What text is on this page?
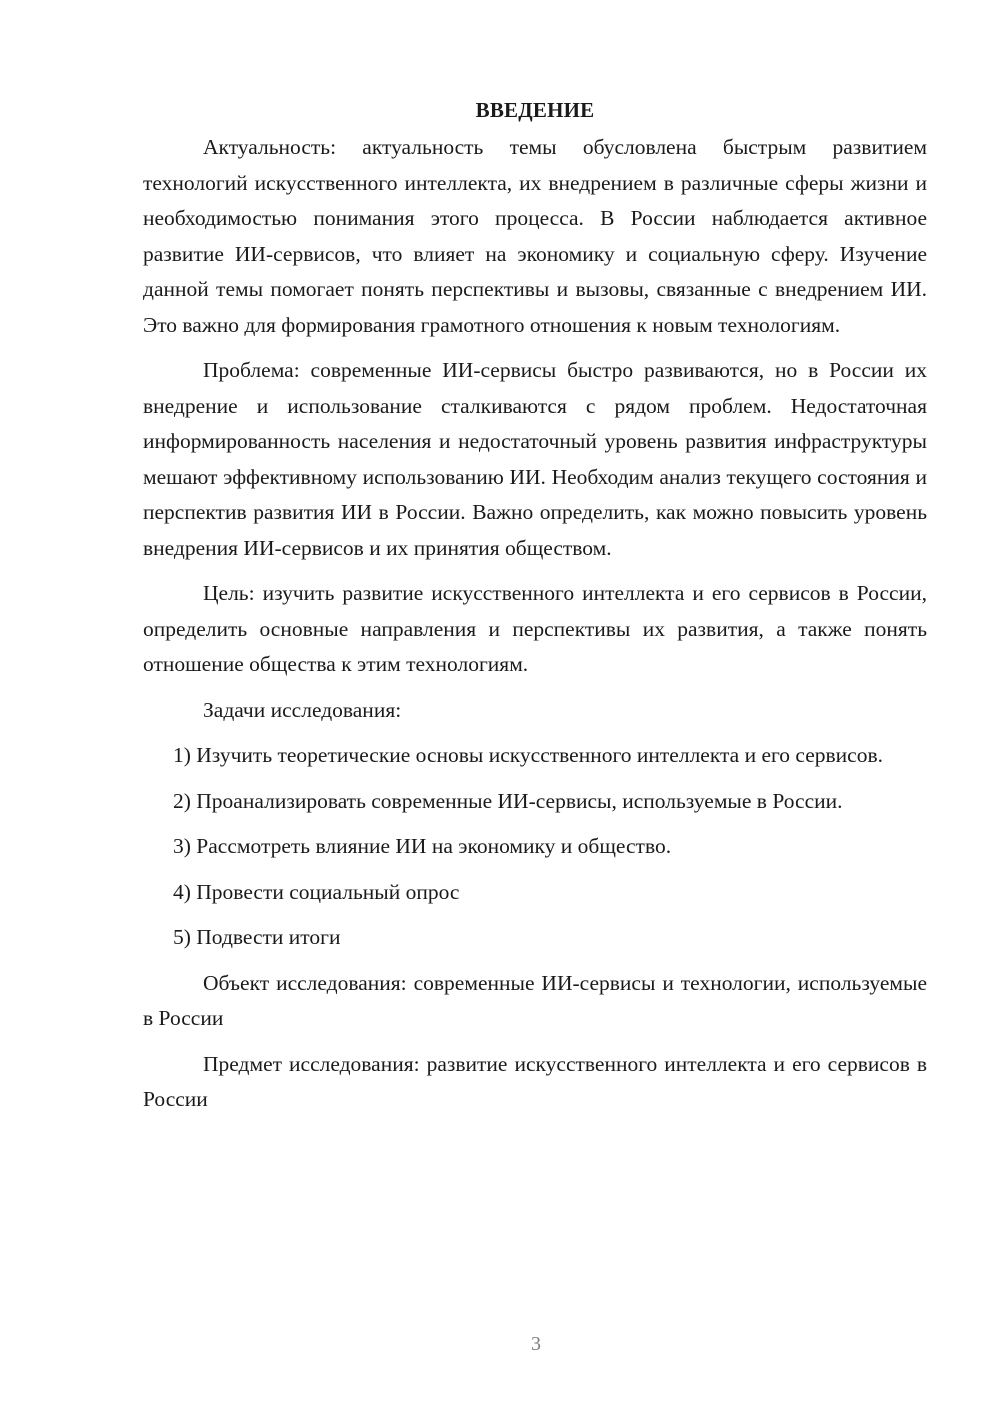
ВВЕДЕНИЕ

Актуальность: актуальность темы обусловлена быстрым развитием технологий искусственного интеллекта, их внедрением в различные сферы жизни и необходимостью понимания этого процесса. В России наблюдается активное развитие ИИ-сервисов, что влияет на экономику и социальную сферу. Изучение данной темы помогает понять перспективы и вызовы, связанные с внедрением ИИ. Это важно для формирования грамотного отношения к новым технологиям.

Проблема: современные ИИ-сервисы быстро развиваются, но в России их внедрение и использование сталкиваются с рядом проблем. Недостаточная информированность населения и недостаточный уровень развития инфраструктуры мешают эффективному использованию ИИ. Необходим анализ текущего состояния и перспектив развития ИИ в России. Важно определить, как можно повысить уровень внедрения ИИ-сервисов и их принятия обществом.

Цель: изучить развитие искусственного интеллекта и его сервисов в России, определить основные направления и перспективы их развития, а также понять отношение общества к этим технологиям.

Задачи исследования:

1) Изучить теоретические основы искусственного интеллекта и его сервисов.

2) Проанализировать современные ИИ-сервисы, используемые в России.

3) Рассмотреть влияние ИИ на экономику и общество.

4) Провести социальный опрос

5) Подвести итоги

Объект исследования: современные ИИ-сервисы и технологии, используемые в России

Предмет исследования: развитие искусственного интеллекта и его сервисов в России

3
